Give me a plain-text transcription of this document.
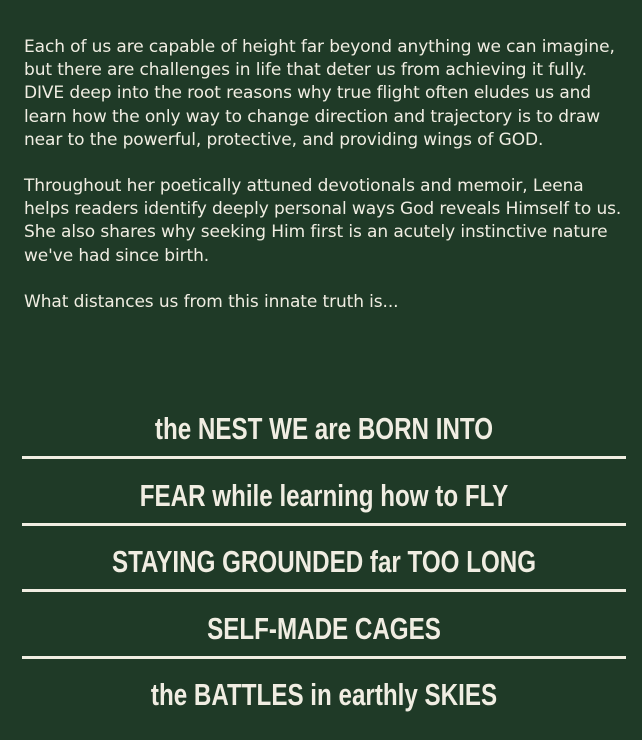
Each of us are capable of height far beyond anything we can imagine, but there are challenges in life that deter us from achieving it fully. DIVE deep into the root reasons why true flight often eludes us and learn how the only way to change direction and trajectory is to draw near to the powerful, protective, and providing wings of GOD.

Throughout her poetically attuned devotionals and memoir, Leena helps readers identify deeply personal ways God reveals Himself to us. She also shares why seeking Him first is an acutely instinctive nature we've had since birth.

What distances us from this innate truth is...

the NEST WE are BORN INTO
FEAR while learning how to FLY
STAYING GROUNDED far TOO LONG
SELF-MADE CAGES
the BATTLES in earthly SKIES
